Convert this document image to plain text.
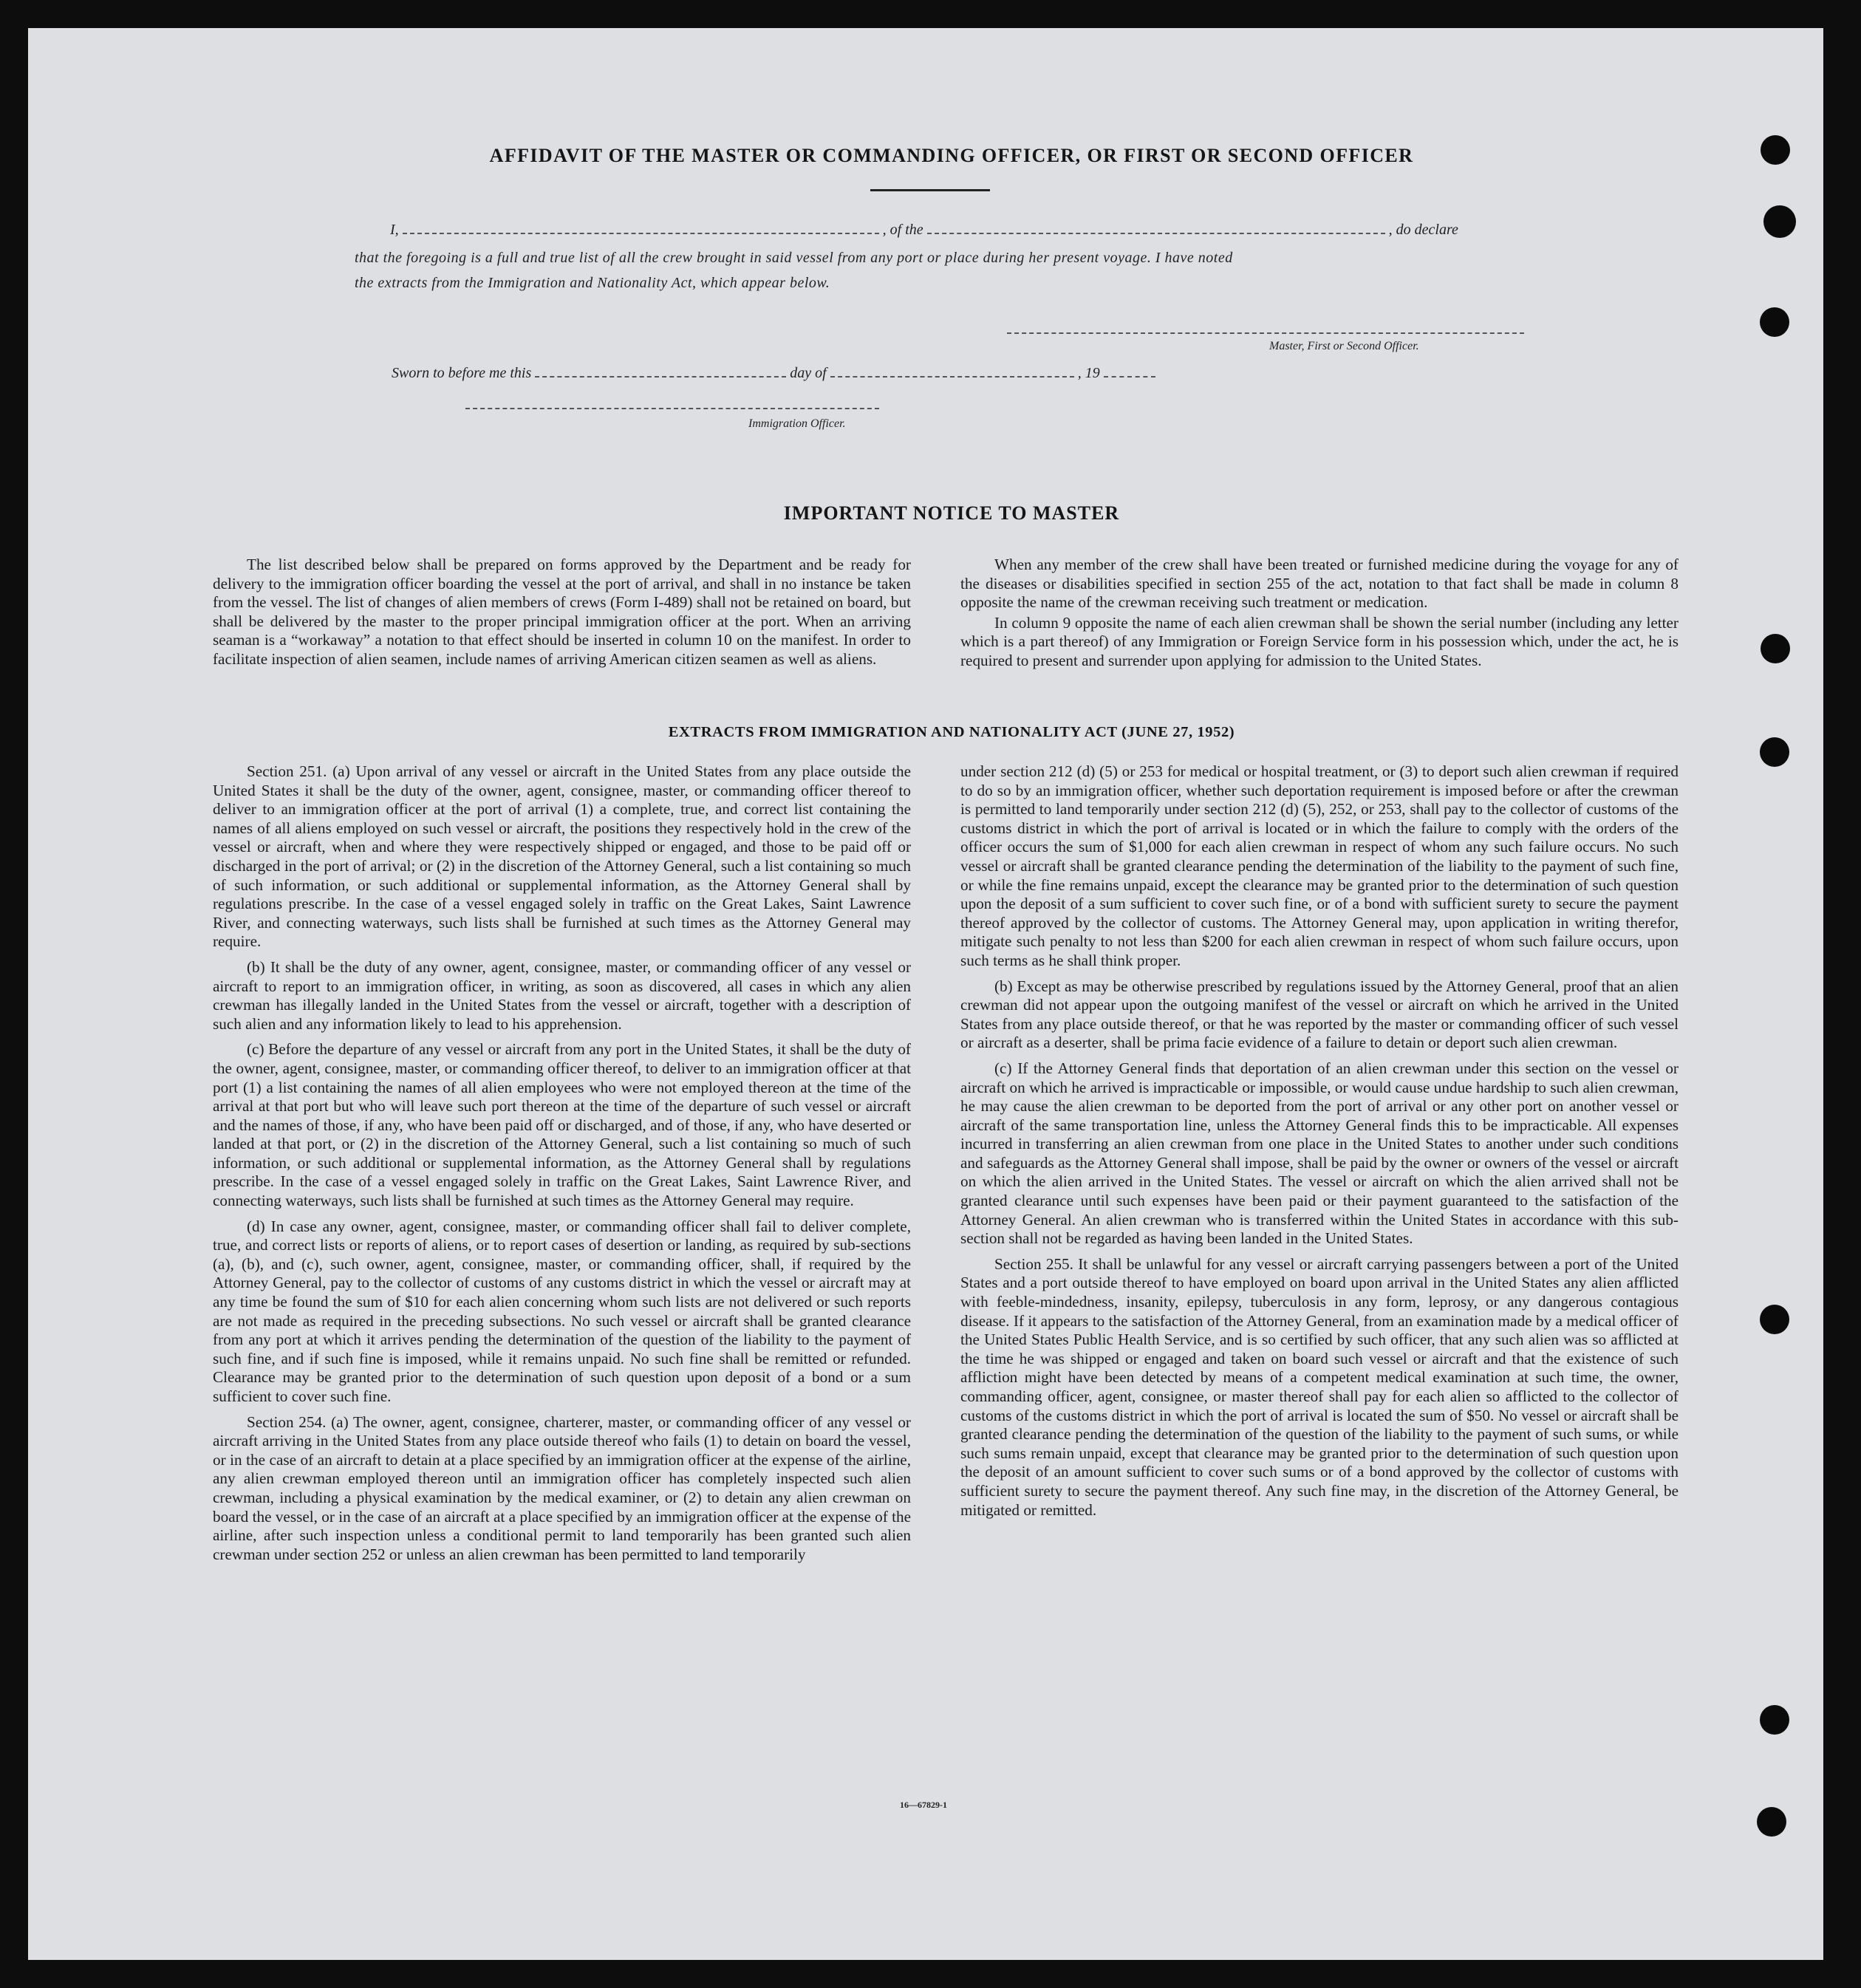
AFFIDAVIT OF THE MASTER OR COMMANDING OFFICER, OR FIRST OR SECOND OFFICER
I,	, of the	, do declare
that the foregoing is a full and true list of all the crew brought in said vessel from any port or place during her present voyage. I have noted
the extracts from the Immigration and Nationality Act, which appear below.
Master, First or Second Officer.
Sworn to before me this	day of	, 19
Immigration Officer.
IMPORTANT NOTICE TO MASTER

The list described below shall be prepared on forms approved by the Department and be ready for delivery to the immigration officer boarding the vessel at the port of arrival, and shall in no instance be taken from the vessel. The list of changes of alien members of crews (Form I-489) shall not be retained on board, but shall be delivered by the master to the proper principal immigration officer at the port. When an arriving seaman is a “workaway” a notation to that effect should be inserted in column 10 on the manifest. In order to facilitate inspection of alien seamen, include names of arriving American citizen seamen as well as aliens.

When any member of the crew shall have been treated or furnished medicine during the voyage for any of the diseases or disabilities specified in section 255 of the act, notation to that fact shall be made in column 8 opposite the name of the crewman receiving such treatment or medication.

In column 9 opposite the name of each alien crewman shall be shown the serial number (including any letter which is a part thereof) of any Immigration or Foreign Service form in his possession which, under the act, he is required to present and surrender upon applying for admission to the United States.

EXTRACTS FROM IMMIGRATION AND NATIONALITY ACT (JUNE 27, 1952)

Section 251. (a) Upon arrival of any vessel or aircraft in the United States from any place outside the United States it shall be the duty of the owner, agent, consignee, master, or commanding officer thereof to deliver to an immigration officer at the port of arrival (1) a complete, true, and correct list containing the names of all aliens employed on such vessel or aircraft, the positions they respectively hold in the crew of the vessel or aircraft, when and where they were respectively shipped or engaged, and those to be paid off or discharged in the port of arrival; or (2) in the discretion of the Attorney General, such a list containing so much of such information, or such additional or supplemental information, as the Attorney General shall by regulations prescribe. In the case of a vessel engaged solely in traffic on the Great Lakes, Saint Lawrence River, and connecting waterways, such lists shall be furnished at such times as the Attorney General may require.

(b) It shall be the duty of any owner, agent, consignee, master, or commanding officer of any vessel or aircraft to report to an immigration officer, in writing, as soon as discovered, all cases in which any alien crewman has illegally landed in the United States from the vessel or aircraft, together with a description of such alien and any information likely to lead to his apprehension.

(c) Before the departure of any vessel or aircraft from any port in the United States, it shall be the duty of the owner, agent, consignee, master, or commanding officer thereof, to deliver to an immigration officer at that port (1) a list containing the names of all alien employees who were not employed thereon at the time of the arrival at that port but who will leave such port thereon at the time of the departure of such vessel or aircraft and the names of those, if any, who have been paid off or discharged, and of those, if any, who have deserted or landed at that port, or (2) in the discretion of the Attorney General, such a list containing so much of such information, or such additional or supplemental information, as the Attorney General shall by regulations prescribe. In the case of a vessel engaged solely in traffic on the Great Lakes, Saint Lawrence River, and connecting waterways, such lists shall be furnished at such times as the Attorney General may require.

(d) In case any owner, agent, consignee, master, or commanding officer shall fail to deliver complete, true, and correct lists or reports of aliens, or to report cases of desertion or landing, as required by sub-sections (a), (b), and (c), such owner, agent, consignee, master, or commanding officer, shall, if required by the Attorney General, pay to the collector of customs of any customs district in which the vessel or aircraft may at any time be found the sum of $10 for each alien concerning whom such lists are not delivered or such reports are not made as required in the preceding subsections. No such vessel or aircraft shall be granted clearance from any port at which it arrives pending the determination of the question of the liability to the payment of such fine, and if such fine is imposed, while it remains unpaid. No such fine shall be remitted or refunded. Clearance may be granted prior to the determination of such question upon deposit of a bond or a sum sufficient to cover such fine.

Section 254. (a) The owner, agent, consignee, charterer, master, or commanding officer of any vessel or aircraft arriving in the United States from any place outside thereof who fails (1) to detain on board the vessel, or in the case of an aircraft to detain at a place specified by an immigration officer at the expense of the airline, any alien crewman employed thereon until an immigration officer has completely inspected such alien crewman, including a physical examination by the medical examiner, or (2) to detain any alien crewman on board the vessel, or in the case of an aircraft at a place specified by an immigration officer at the expense of the airline, after such inspection unless a conditional permit to land temporarily has been granted such alien crewman under section 252 or unless an alien crewman has been permitted to land temporarily

under section 212 (d) (5) or 253 for medical or hospital treatment, or (3) to deport such alien crewman if required to do so by an immigration officer, whether such deportation requirement is imposed before or after the crewman is permitted to land temporarily under section 212 (d) (5), 252, or 253, shall pay to the collector of customs of the customs district in which the port of arrival is located or in which the failure to comply with the orders of the officer occurs the sum of $1,000 for each alien crewman in respect of whom any such failure occurs. No such vessel or aircraft shall be granted clearance pending the determination of the liability to the payment of such fine, or while the fine remains unpaid, except the clearance may be granted prior to the determination of such question upon the deposit of a sum sufficient to cover such fine, or of a bond with sufficient surety to secure the payment thereof approved by the collector of customs. The Attorney General may, upon application in writing therefor, mitigate such penalty to not less than $200 for each alien crewman in respect of whom such failure occurs, upon such terms as he shall think proper.

(b) Except as may be otherwise prescribed by regulations issued by the Attorney General, proof that an alien crewman did not appear upon the outgoing manifest of the vessel or aircraft on which he arrived in the United States from any place outside thereof, or that he was reported by the master or commanding officer of such vessel or aircraft as a deserter, shall be prima facie evidence of a failure to detain or deport such alien crewman.

(c) If the Attorney General finds that deportation of an alien crewman under this section on the vessel or aircraft on which he arrived is impracticable or impossible, or would cause undue hardship to such alien crewman, he may cause the alien crewman to be deported from the port of arrival or any other port on another vessel or aircraft of the same transportation line, unless the Attorney General finds this to be impracticable. All expenses incurred in transferring an alien crewman from one place in the United States to another under such conditions and safeguards as the Attorney General shall impose, shall be paid by the owner or owners of the vessel or aircraft on which the alien arrived in the United States. The vessel or aircraft on which the alien arrived shall not be granted clearance until such expenses have been paid or their payment guaranteed to the satisfaction of the Attorney General. An alien crewman who is transferred within the United States in accordance with this sub-section shall not be regarded as having been landed in the United States.

Section 255. It shall be unlawful for any vessel or aircraft carrying passengers between a port of the United States and a port outside thereof to have employed on board upon arrival in the United States any alien afflicted with feeble-mindedness, insanity, epilepsy, tuberculosis in any form, leprosy, or any dangerous contagious disease. If it appears to the satisfaction of the Attorney General, from an examination made by a medical officer of the United States Public Health Service, and is so certified by such officer, that any such alien was so afflicted at the time he was shipped or engaged and taken on board such vessel or aircraft and that the existence of such affliction might have been detected by means of a competent medical examination at such time, the owner, commanding officer, agent, consignee, or master thereof shall pay for each alien so afflicted to the collector of customs of the customs district in which the port of arrival is located the sum of $50. No vessel or aircraft shall be granted clearance pending the determination of the question of the liability to the payment of such sums, or while such sums remain unpaid, except that clearance may be granted prior to the determination of such question upon the deposit of an amount sufficient to cover such sums or of a bond approved by the collector of customs with sufficient surety to secure the payment thereof. Any such fine may, in the discretion of the Attorney General, be mitigated or remitted.

16—67829-1
